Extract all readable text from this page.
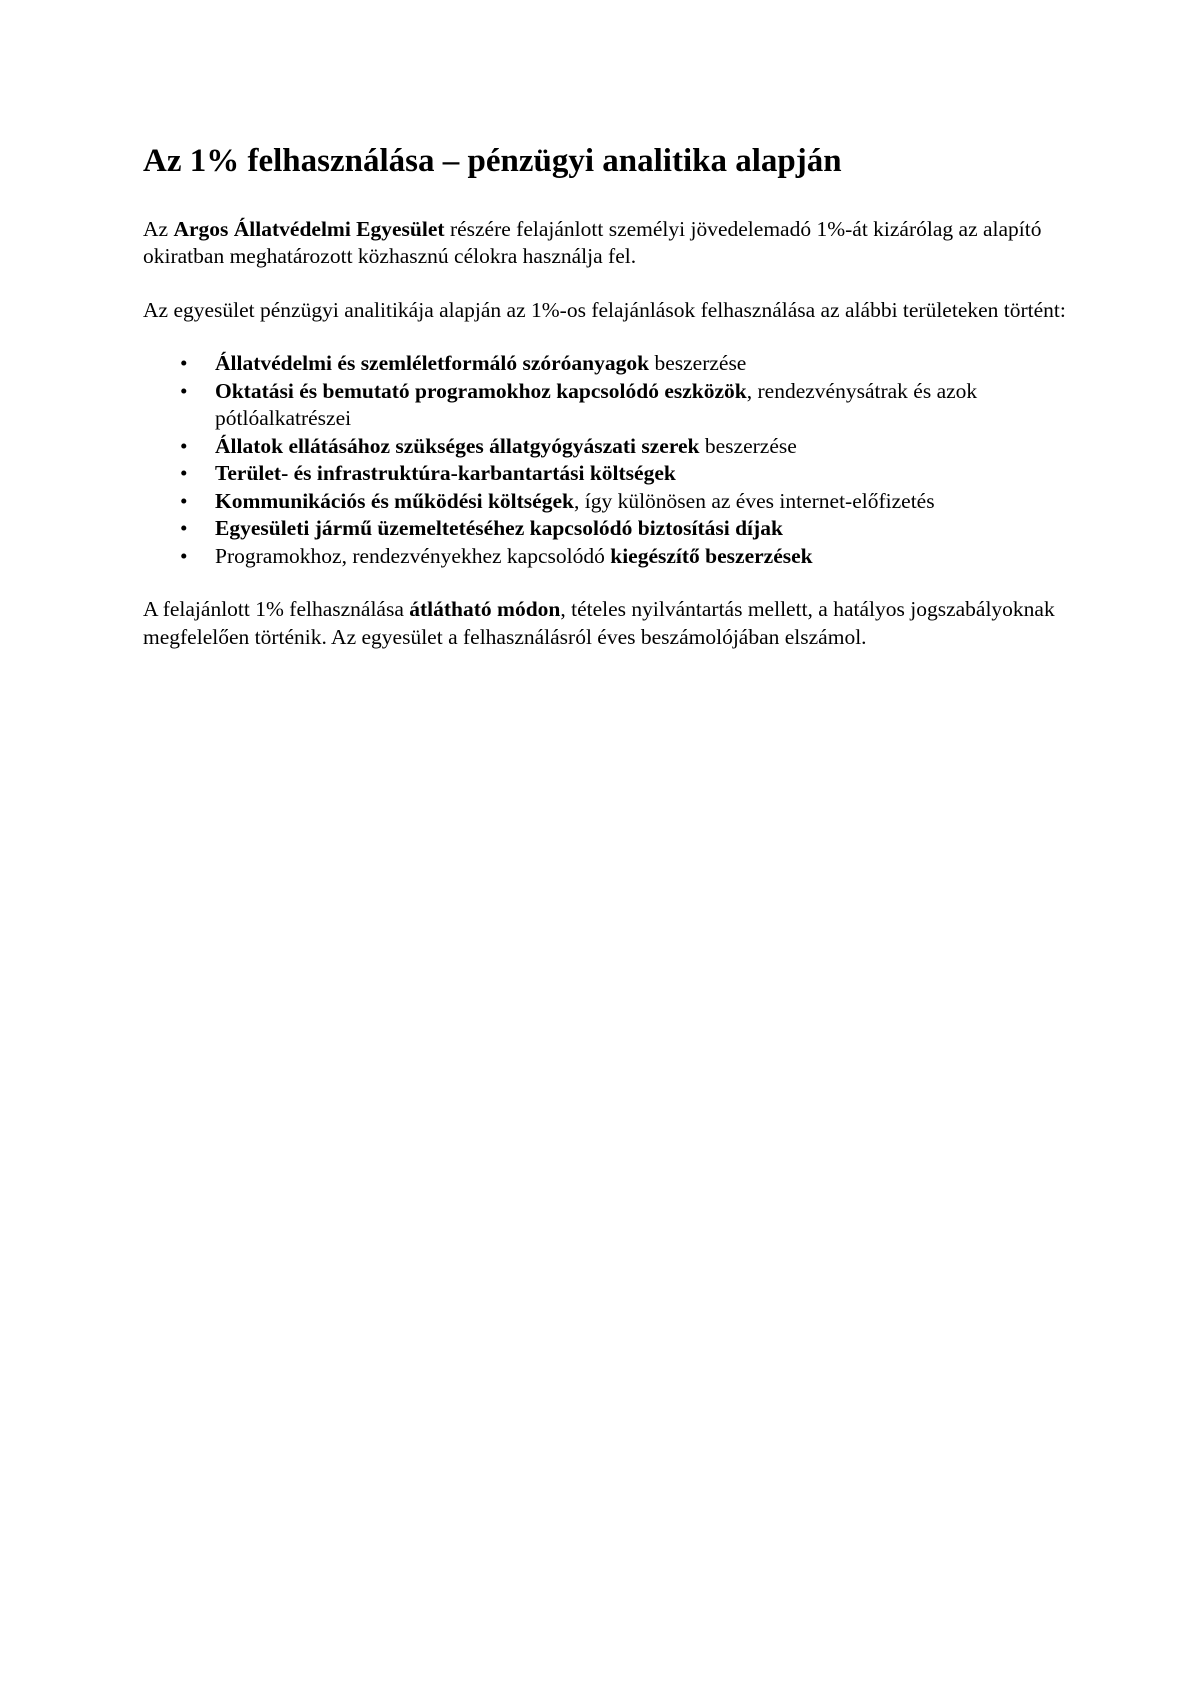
Az 1% felhasználása – pénzügyi analitika alapján

Az Argos Állatvédelmi Egyesület részére felajánlott személyi jövedelemadó 1%-át kizárólag az alapító okiratban meghatározott közhasznú célokra használja fel.

Az egyesület pénzügyi analitikája alapján az 1%-os felajánlások felhasználása az alábbi területeken történt:

• Állatvédelmi és szemléletformáló szóróanyagok beszerzése
• Oktatási és bemutató programokhoz kapcsolódó eszközök, rendezvénysátrak és azok pótlóalkatrészei
• Állatok ellátásához szükséges állatgyógyászati szerek beszerzése
• Terület- és infrastruktúra-karbantartási költségek
• Kommunikációs és működési költségek, így különösen az éves internet-előfizetés
• Egyesületi jármű üzemeltetéséhez kapcsolódó biztosítási díjak
• Programokhoz, rendezvényekhez kapcsolódó kiegészítő beszerzések

A felajánlott 1% felhasználása átlátható módon, tételes nyilvántartás mellett, a hatályos jogszabályoknak megfelelően történik. Az egyesület a felhasználásról éves beszámolójában elszámol.
